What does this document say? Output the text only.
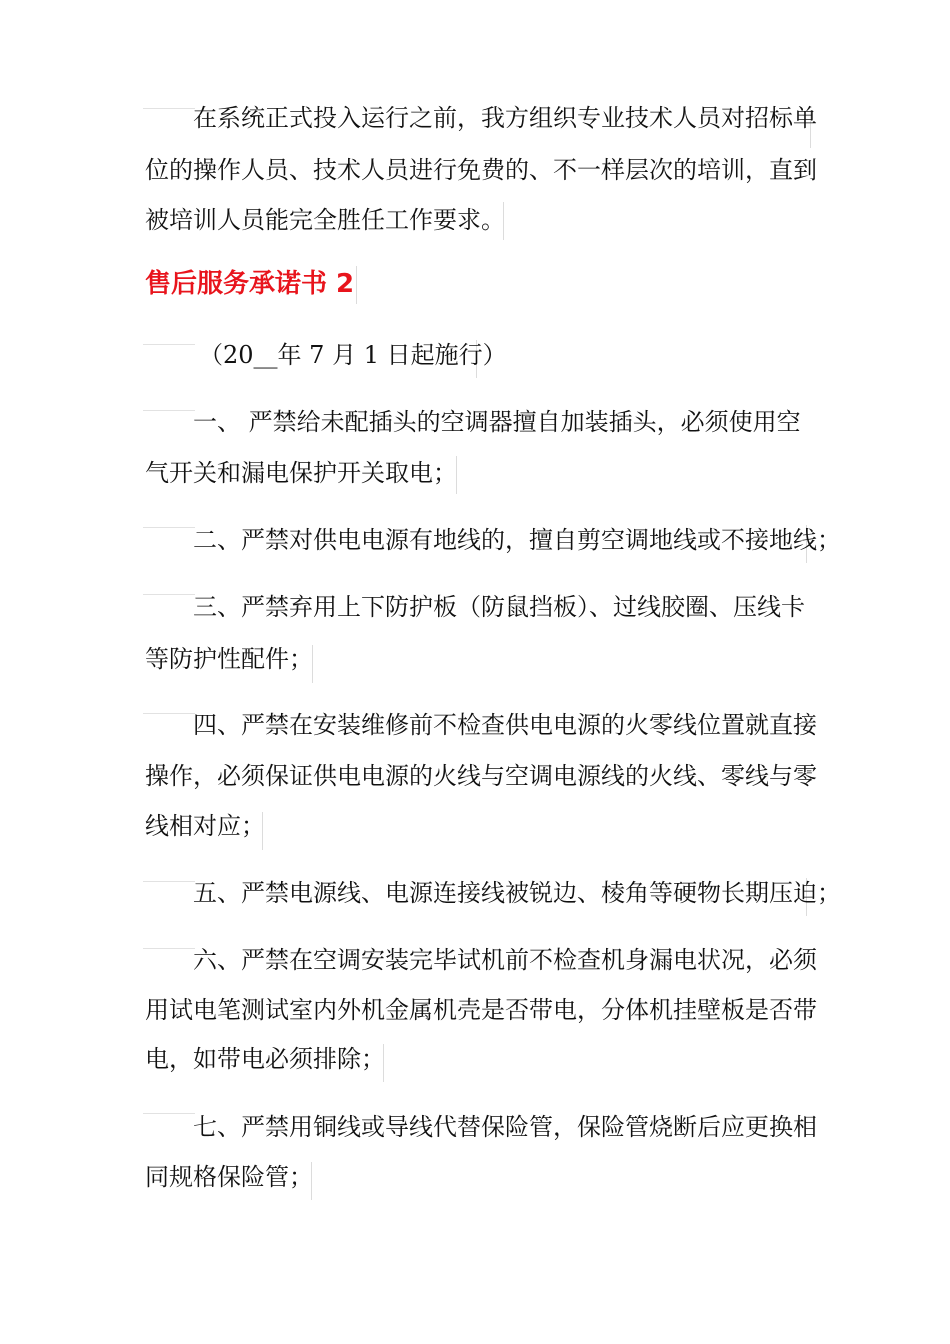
在系统正式投入运行之前，我方组织专业技术人员对招标单

位的操作人员、技术人员进行免费的、不一样层次的培训，直到

被培训人员能完全胜任工作要求。

售后服务承诺书 2

（20__年 7 月 1 日起施行）

一、 严禁给未配插头的空调器擅自加装插头，必须使用空

气开关和漏电保护开关取电；

二、严禁对供电电源有地线的，擅自剪空调地线或不接地线；

三、严禁弃用上下防护板（防鼠挡板）、过线胶圈、压线卡

等防护性配件；

四、严禁在安装维修前不检查供电电源的火零线位置就直接

操作，必须保证供电电源的火线与空调电源线的火线、零线与零

线相对应；

五、严禁电源线、电源连接线被锐边、棱角等硬物长期压迫；

六、严禁在空调安装完毕试机前不检查机身漏电状况，必须

用试电笔测试室内外机金属机壳是否带电，分体机挂壁板是否带

电，如带电必须排除；

七、严禁用铜线或导线代替保险管，保险管烧断后应更换相

同规格保险管；
